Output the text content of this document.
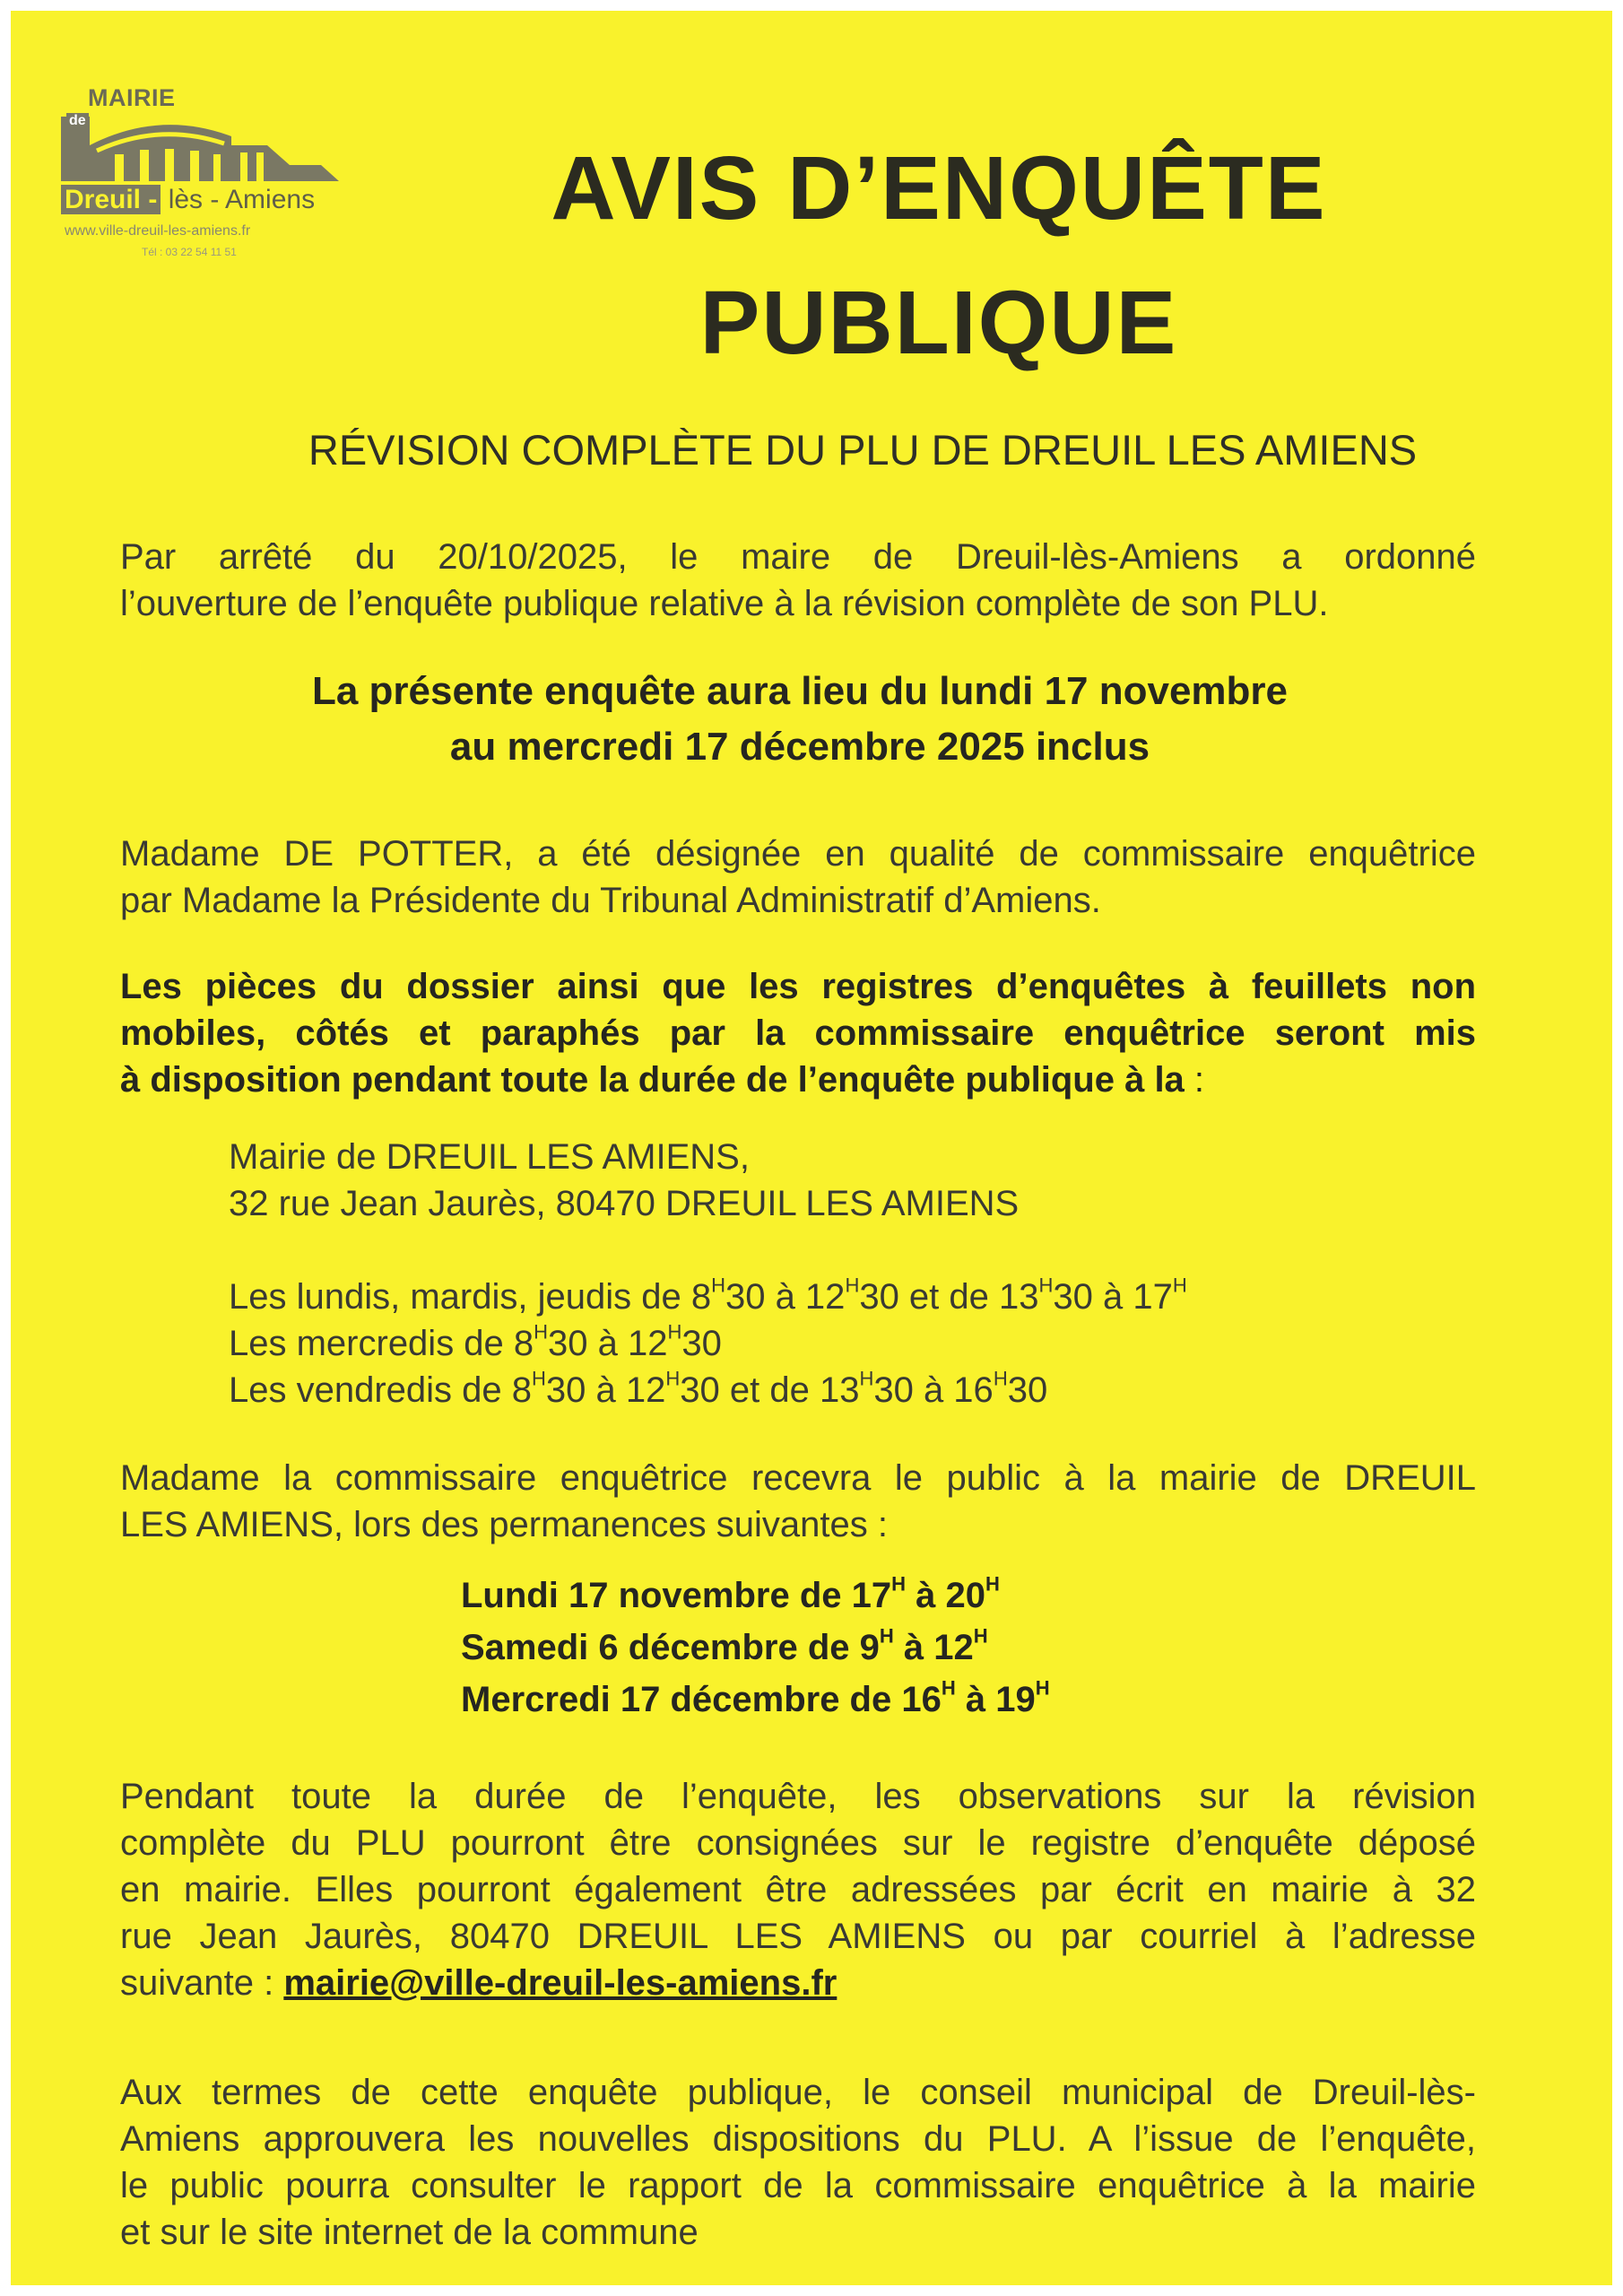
MAIRIE
de
Dreuil - lès - Amiens
www.ville-dreuil-les-amiens.fr
Tél : 03 22 54 11 51
AVIS D’ENQUÊTE
PUBLIQUE
RÉVISION COMPLÈTE DU PLU DE DREUIL LES AMIENS
Par arrêté du 20/10/2025, le maire de Dreuil-lès-Amiens a ordonné
l’ouverture de l’enquête publique relative à la révision complète de son PLU.
La présente enquête aura lieu du lundi 17 novembre
au mercredi 17 décembre 2025 inclus
Madame DE POTTER, a été désignée en qualité de commissaire enquêtrice
par Madame la Présidente du Tribunal Administratif d’Amiens.
Les pièces du dossier ainsi que les registres d’enquêtes à feuillets non
mobiles, côtés et paraphés par la commissaire enquêtrice seront mis
à disposition pendant toute la durée de l’enquête publique à la :
Mairie de DREUIL LES AMIENS,
32 rue Jean Jaurès, 80470 DREUIL LES AMIENS
Les lundis, mardis, jeudis de $8^H30$ à $12^H30$ et de $13^H30$ à $17^H$
Les mercredis de $8^H30$ à $12^H30$
Les vendredis de $8^H30$ à $12^H30$ et de $13^H30$ à $16^H30$
Madame la commissaire enquêtrice recevra le public à la mairie de DREUIL
LES AMIENS, lors des permanences suivantes :
Lundi 17 novembre de $17^H$ à $20^H$
Samedi 6 décembre de $9^H$ à $12^H$
Mercredi 17 décembre de $16^H$ à $19^H$
Pendant toute la durée de l’enquête, les observations sur la révision
complète du PLU pourront être consignées sur le registre d’enquête déposé
en mairie. Elles pourront également être adressées par écrit en mairie à 32
rue Jean Jaurès, 80470 DREUIL LES AMIENS ou par courriel à l’adresse
suivante : mairie@ville-dreuil-les-amiens.fr
Aux termes de cette enquête publique, le conseil municipal de Dreuil-lès-
Amiens approuvera les nouvelles dispositions du PLU. A l’issue de l’enquête,
le public pourra consulter le rapport de la commissaire enquêtrice à la mairie
et sur le site internet de la commune
